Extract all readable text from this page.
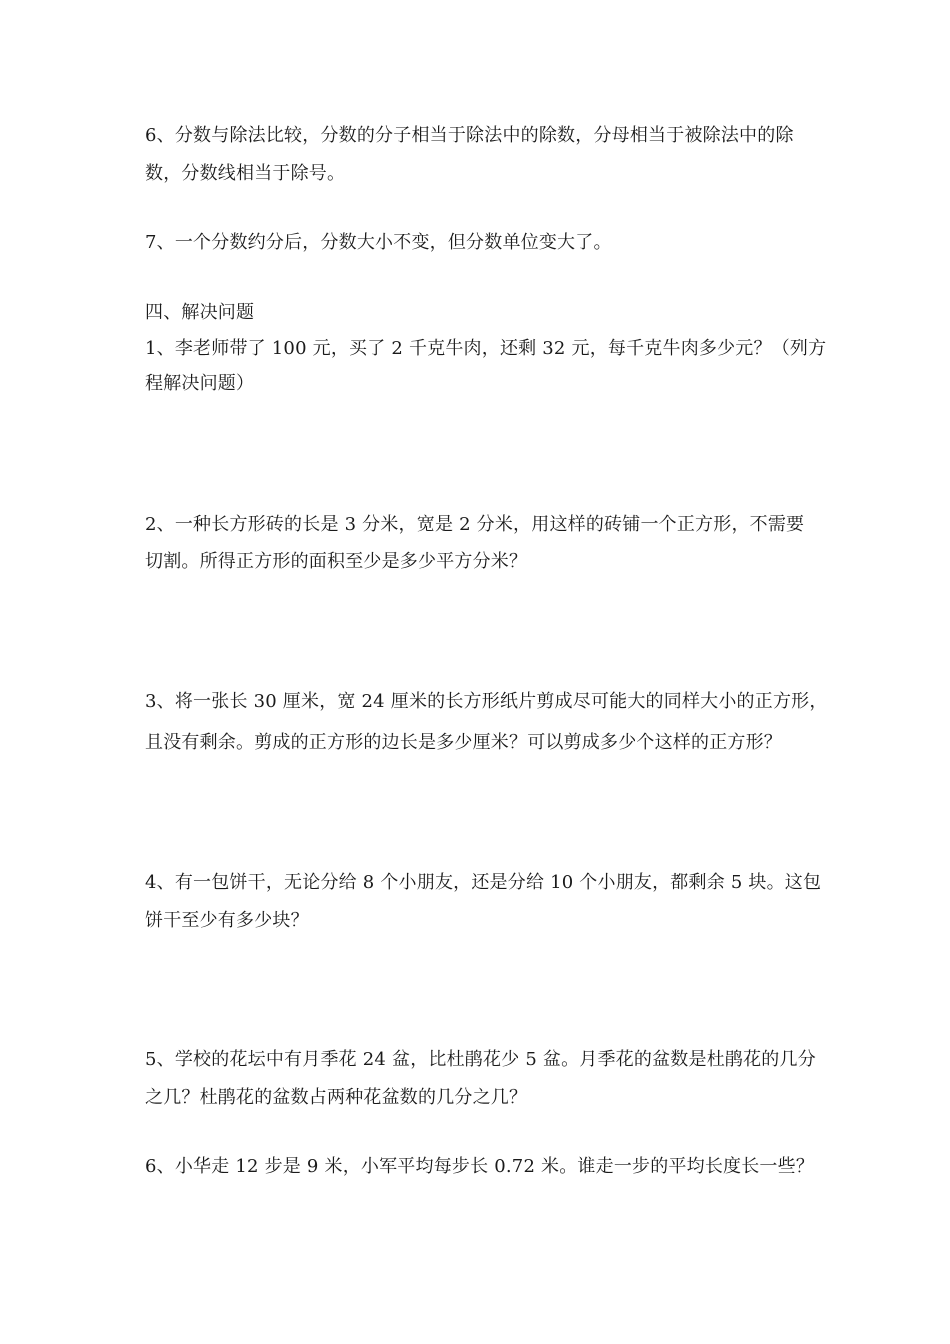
6、分数与除法比较，分数的分子相当于除法中的除数，分母相当于被除法中的除
数，分数线相当于除号。
7、一个分数约分后，分数大小不变，但分数单位变大了。
四、解决问题
1、李老师带了 100 元，买了 2 千克牛肉，还剩 32 元，每千克牛肉多少元？（列方
程解决问题）
2、一种长方形砖的长是 3 分米，宽是 2 分米，用这样的砖铺一个正方形，不需要
切割。所得正方形的面积至少是多少平方分米？
3、将一张长 30 厘米，宽 24 厘米的长方形纸片剪成尽可能大的同样大小的正方形，
且没有剩余。剪成的正方形的边长是多少厘米？可以剪成多少个这样的正方形？
4、有一包饼干，无论分给 8 个小朋友，还是分给 10 个小朋友，都剩余 5 块。这包
饼干至少有多少块？
5、学校的花坛中有月季花 24 盆，比杜鹃花少 5 盆。月季花的盆数是杜鹃花的几分
之几？杜鹃花的盆数占两种花盆数的几分之几？
6、小华走 12 步是 9 米，小军平均每步长 0.72 米。谁走一步的平均长度长一些？
